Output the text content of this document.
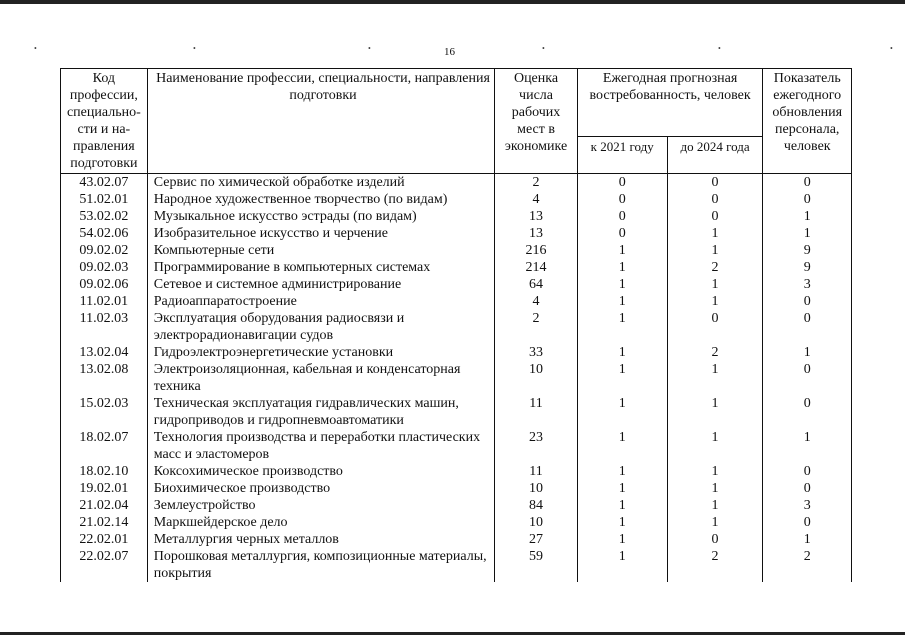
16
•	•	•	•	•	•
Код профессии, специально-сти и на-правления подготовки	Наименование профессии, специальности, направления подготовки	Оценка числа рабочих мест в экономике	Ежегодная прогнозная востребованность, человек		Показатель ежегодного обновления персонала, человек
			к 2021 году	до 2024 года	
43.02.07	Сервис по химической обработке изделий	2	0	0	0
51.02.01	Народное художественное творчество (по видам)	4	0	0	0
53.02.02	Музыкальное искусство эстрады (по видам)	13	0	0	1
54.02.06	Изобразительное искусство и черчение	13	0	1	1
09.02.02	Компьютерные сети	216	1	1	9
09.02.03	Программирование в компьютерных системах	214	1	2	9
09.02.06	Сетевое и системное администрирование	64	1	1	3
11.02.01	Радиоаппаратостроение	4	1	1	0
11.02.03	Эксплуатация оборудования радиосвязи и электрорадионавигации судов	2	1	0	0
13.02.04	Гидроэлектроэнергетические установки	33	1	2	1
13.02.08	Электроизоляционная, кабельная и конденсаторная техника	10	1	1	0
15.02.03	Техническая эксплуатация гидравлических машин, гидроприводов и гидропневмоавтоматики	11	1	1	0
18.02.07	Технология производства и переработки пластических масс и эластомеров	23	1	1	1
18.02.10	Коксохимическое производство	11	1	1	0
19.02.01	Биохимическое производство	10	1	1	0
21.02.04	Землеустройство	84	1	1	3
21.02.14	Маркшейдерское дело	10	1	1	0
22.02.01	Металлургия черных металлов	27	1	0	1
22.02.07	Порошковая металлургия, композиционные материалы, покрытия	59	1	2	2
